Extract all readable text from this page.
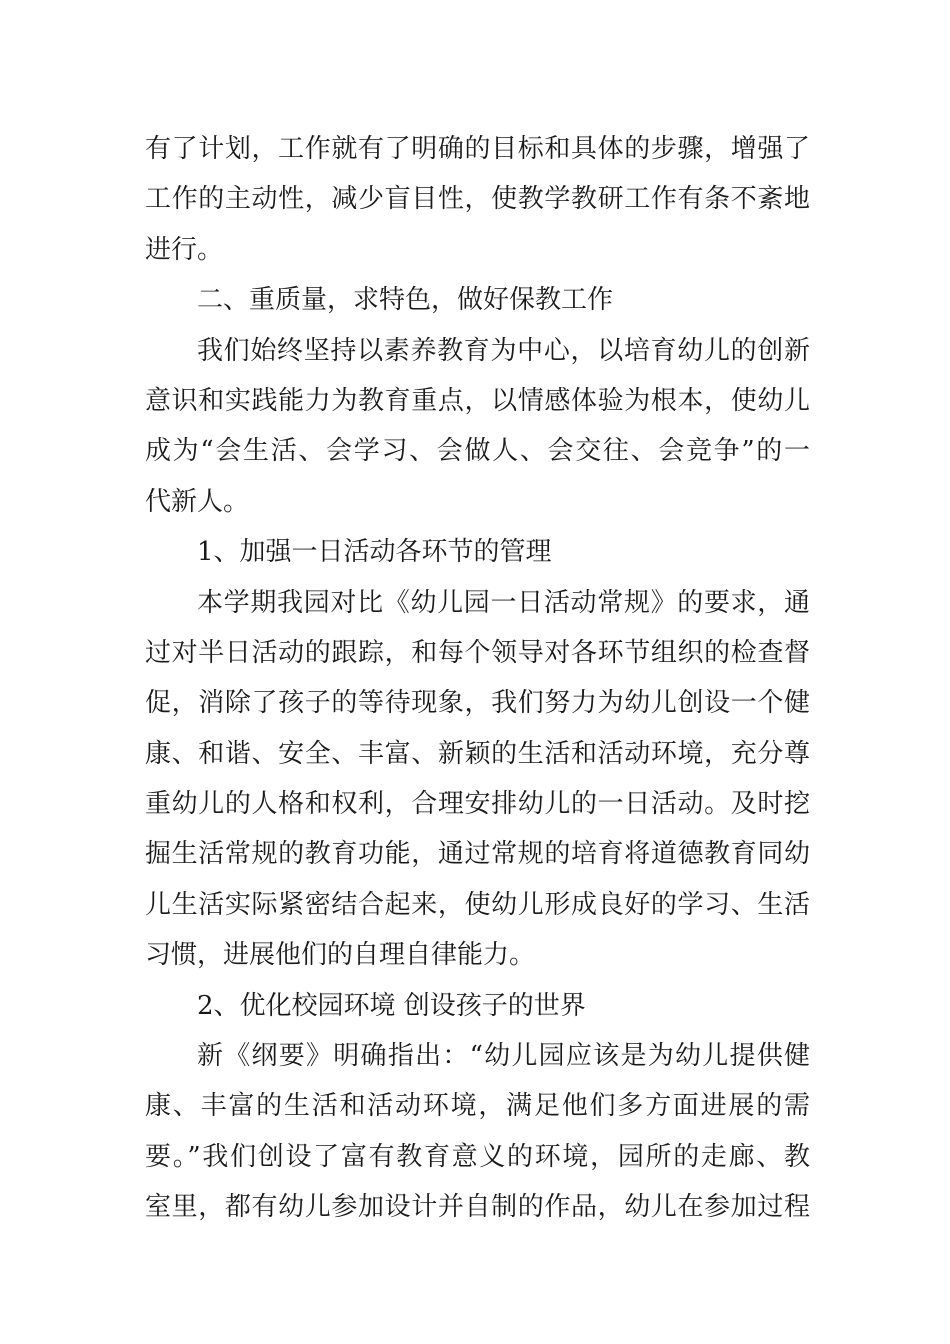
有了计划，工作就有了明确的目标和具体的步骤，增强了
工作的主动性，减少盲目性，使教学教研工作有条不紊地
进行。
二、重质量，求特色，做好保教工作
我们始终坚持以素养教育为中心，以培育幼儿的创新
意识和实践能力为教育重点，以情感体验为根本，使幼儿
成为“会生活、会学习、会做人、会交往、会竞争”的一
代新人。
1、加强一日活动各环节的管理
本学期我园对比《幼儿园一日活动常规》的要求，通
过对半日活动的跟踪，和每个领导对各环节组织的检查督
促，消除了孩子的等待现象，我们努力为幼儿创设一个健
康、和谐、安全、丰富、新颖的生活和活动环境，充分尊
重幼儿的人格和权利，合理安排幼儿的一日活动。及时挖
掘生活常规的教育功能，通过常规的培育将道德教育同幼
儿生活实际紧密结合起来，使幼儿形成良好的学习、生活
习惯，进展他们的自理自律能力。
2、优化校园环境 创设孩子的世界
新《纲要》明确指出：“幼儿园应该是为幼儿提供健
康、丰富的生活和活动环境，满足他们多方面进展的需
要。”我们创设了富有教育意义的环境，园所的走廊、教
室里，都有幼儿参加设计并自制的作品，幼儿在参加过程
